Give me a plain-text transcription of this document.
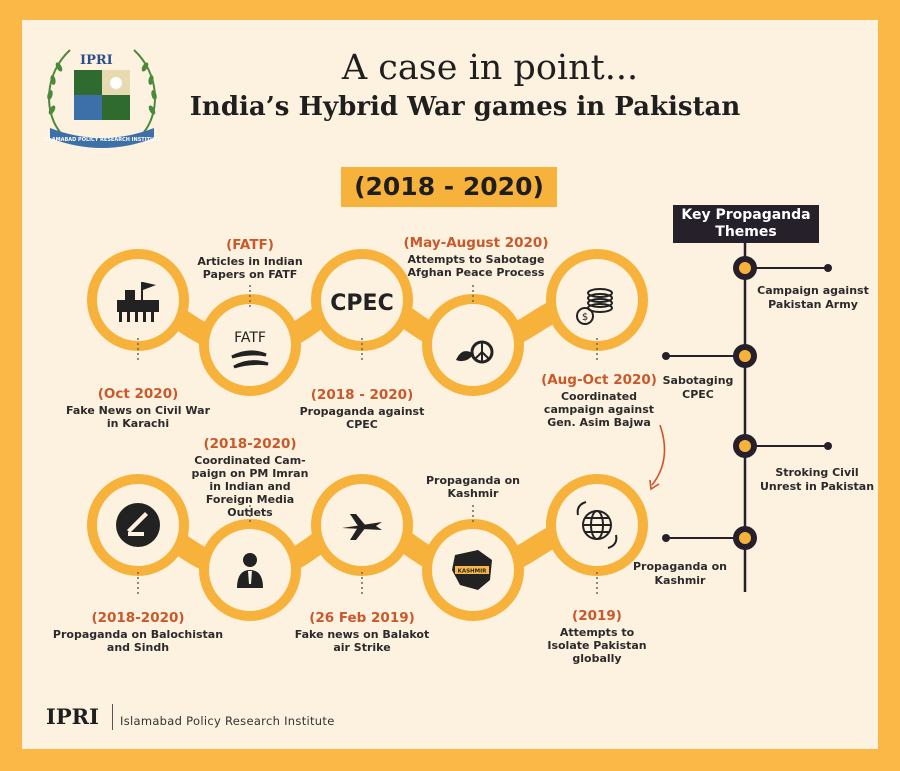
IPRI
ISLAMABAD POLICY RESEARCH INSTITUTE
A case in point...
India’s Hybrid War games in Pakistan
(2018 - 2020)
FATF
CPEC
$
KASHMIR
(Oct 2020)
Fake News on Civil War in Karachi
(FATF)
Articles in Indian Papers on FATF
(2018 - 2020)
Propaganda against CPEC
(May-August 2020)
Attempts to Sabotage Afghan Peace Process
(Aug-Oct 2020)
Coordinated campaign against Gen. Asim Bajwa
(2018-2020)
Propaganda on Balochistan and Sindh
(2018-2020)
Coordinated Cam-paign on PM Imran in Indian and Foreign Media Outlets
(26 Feb 2019)
Fake news on Balakot air Strike
Propaganda on Kashmir
(2019)
Attempts to Isolate Pakistan globally
Key Propaganda Themes
Campaign against Pakistan Army
Sabotaging CPEC
Stroking Civil Unrest in Pakistan
Propaganda on Kashmir
IPRI Islamabad Policy Research Institute
